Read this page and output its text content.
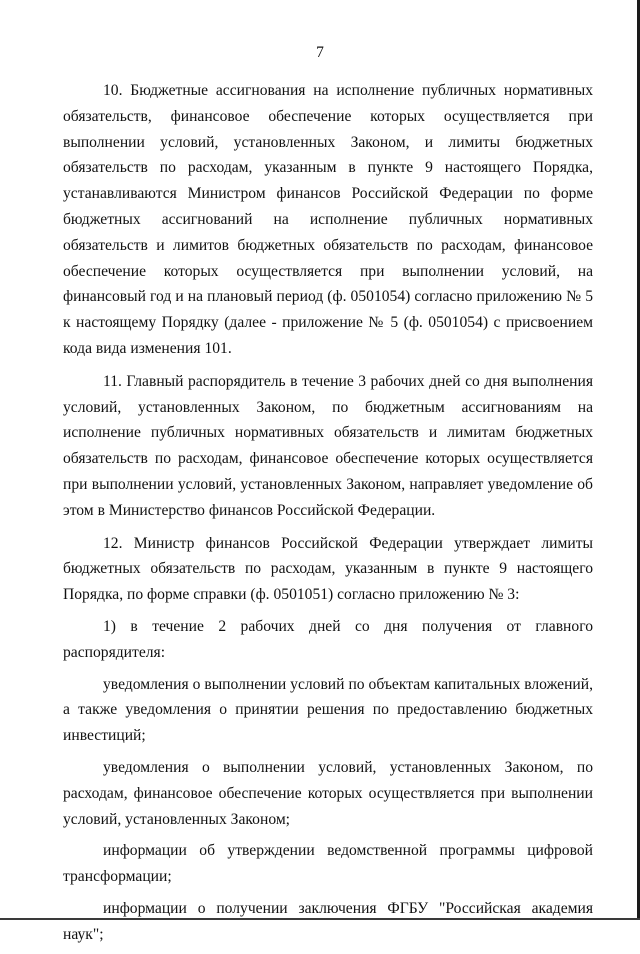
7

10. Бюджетные ассигнования на исполнение публичных нормативных обязательств, финансовое обеспечение которых осуществляется при выполнении условий, установленных Законом, и лимиты бюджетных обязательств по расходам, указанным в пункте 9 настоящего Порядка, устанавливаются Министром финансов Российской Федерации по форме бюджетных ассигнований на исполнение публичных нормативных обязательств и лимитов бюджетных обязательств по расходам, финансовое обеспечение которых осуществляется при выполнении условий, на финансовый год и на плановый период (ф. 0501054) согласно приложению № 5 к настоящему Порядку (далее - приложение № 5 (ф. 0501054) с присвоением кода вида изменения 101.

11. Главный распорядитель в течение 3 рабочих дней со дня выполнения условий, установленных Законом, по бюджетным ассигнованиям на исполнение публичных нормативных обязательств и лимитам бюджетных обязательств по расходам, финансовое обеспечение которых осуществляется при выполнении условий, установленных Законом, направляет уведомление об этом в Министерство финансов Российской Федерации.

12. Министр финансов Российской Федерации утверждает лимиты бюджетных обязательств по расходам, указанным в пункте 9 настоящего Порядка, по форме справки (ф. 0501051) согласно приложению № 3:

1) в течение 2 рабочих дней со дня получения от главного распорядителя:

уведомления о выполнении условий по объектам капитальных вложений, а также уведомления о принятии решения по предоставлению бюджетных инвестиций;

уведомления о выполнении условий, установленных Законом, по расходам, финансовое обеспечение которых осуществляется при выполнении условий, установленных Законом;

информации об утверждении ведомственной программы цифровой трансформации;

информации о получении заключения ФГБУ "Российская академия наук";
